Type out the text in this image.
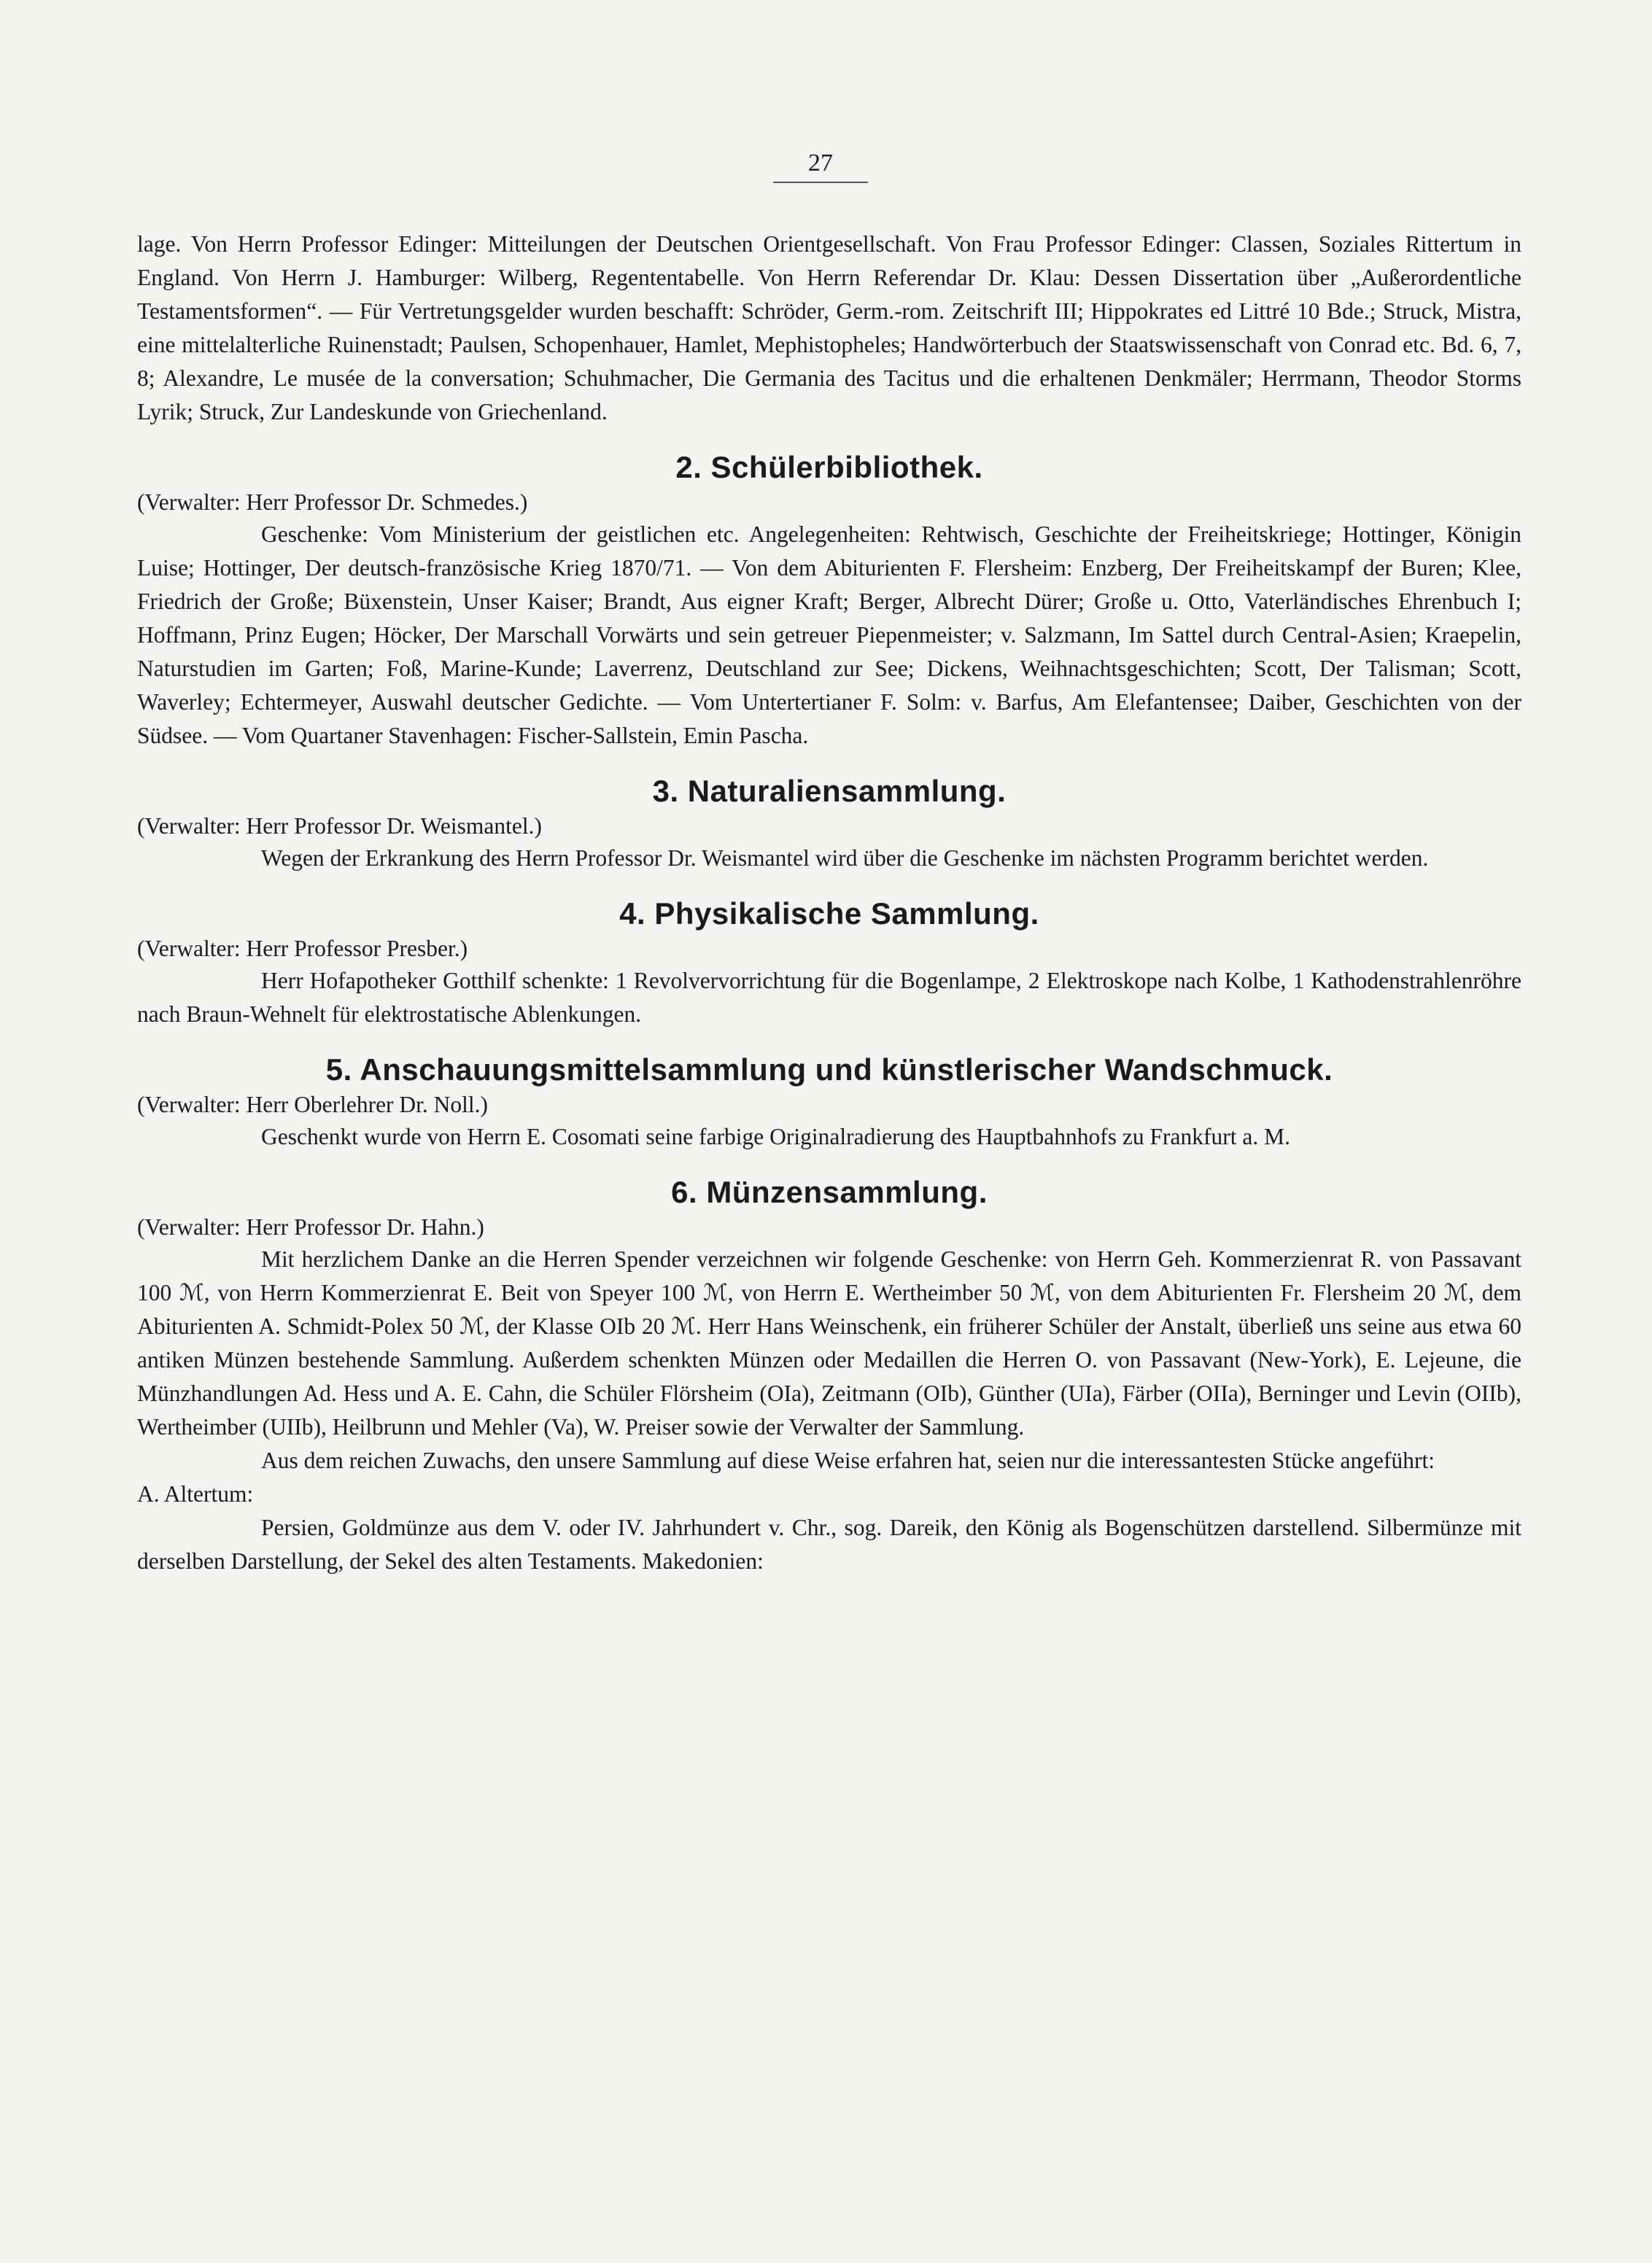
27

lage. Von Herrn Professor Edinger: Mitteilungen der Deutschen Orientgesellschaft. Von Frau Professor Edinger: Classen, Soziales Rittertum in England. Von Herrn J. Hamburger: Wilberg, Regententabelle. Von Herrn Referendar Dr. Klau: Dessen Dissertation über „Außerordentliche Testamentsformen“. — Für Vertretungsgelder wurden beschafft: Schröder, Germ.-rom. Zeitschrift III; Hippokrates ed Littré 10 Bde.; Struck, Mistra, eine mittelalterliche Ruinenstadt; Paulsen, Schopenhauer, Hamlet, Mephistopheles; Handwörterbuch der Staatswissenschaft von Conrad etc. Bd. 6, 7, 8; Alexandre, Le musée de la conversation; Schuhmacher, Die Germania des Tacitus und die erhaltenen Denkmäler; Herrmann, Theodor Storms Lyrik; Struck, Zur Landeskunde von Griechenland.

2. Schülerbibliothek.

(Verwalter: Herr Professor Dr. Schmedes.)

Geschenke: Vom Ministerium der geistlichen etc. Angelegenheiten: Rehtwisch, Geschichte der Freiheitskriege; Hottinger, Königin Luise; Hottinger, Der deutsch-französische Krieg 1870/71. — Von dem Abiturienten F. Flersheim: Enzberg, Der Freiheitskampf der Buren; Klee, Friedrich der Große; Büxenstein, Unser Kaiser; Brandt, Aus eigner Kraft; Berger, Albrecht Dürer; Große u. Otto, Vaterländisches Ehrenbuch I; Hoffmann, Prinz Eugen; Höcker, Der Marschall Vorwärts und sein getreuer Piepenmeister; v. Salzmann, Im Sattel durch Central-Asien; Kraepelin, Naturstudien im Garten; Foß, Marine-Kunde; Laverrenz, Deutschland zur See; Dickens, Weihnachtsgeschichten; Scott, Der Talisman; Scott, Waverley; Echtermeyer, Auswahl deutscher Gedichte. — Vom Untertertianer F. Solm: v. Barfus, Am Elefantensee; Daiber, Geschichten von der Südsee. — Vom Quartaner Stavenhagen: Fischer-Sallstein, Emin Pascha.

3. Naturaliensammlung.

(Verwalter: Herr Professor Dr. Weismantel.)

Wegen der Erkrankung des Herrn Professor Dr. Weismantel wird über die Geschenke im nächsten Programm berichtet werden.

4. Physikalische Sammlung.

(Verwalter: Herr Professor Presber.)

Herr Hofapotheker Gotthilf schenkte: 1 Revolvervorrichtung für die Bogenlampe, 2 Elektroskope nach Kolbe, 1 Kathodenstrahlenröhre nach Braun-Wehnelt für elektrostatische Ablenkungen.

5. Anschauungsmittelsammlung und künstlerischer Wandschmuck.

(Verwalter: Herr Oberlehrer Dr. Noll.)

Geschenkt wurde von Herrn E. Cosomati seine farbige Originalradierung des Hauptbahnhofs zu Frankfurt a. M.

6. Münzensammlung.

(Verwalter: Herr Professor Dr. Hahn.)

Mit herzlichem Danke an die Herren Spender verzeichnen wir folgende Geschenke: von Herrn Geh. Kommerzienrat R. von Passavant 100 ℳ, von Herrn Kommerzienrat E. Beit von Speyer 100 ℳ, von Herrn E. Wertheimber 50 ℳ, von dem Abiturienten Fr. Flersheim 20 ℳ, dem Abiturienten A. Schmidt-Polex 50 ℳ, der Klasse OIb 20 ℳ. Herr Hans Weinschenk, ein früherer Schüler der Anstalt, überließ uns seine aus etwa 60 antiken Münzen bestehende Sammlung. Außerdem schenkten Münzen oder Medaillen die Herren O. von Passavant (New-York), E. Lejeune, die Münzhandlungen Ad. Hess und A. E. Cahn, die Schüler Flörsheim (OIa), Zeitmann (OIb), Günther (UIa), Färber (OIIa), Berninger und Levin (OIIb), Wertheimber (UIIb), Heilbrunn und Mehler (Va), W. Preiser sowie der Verwalter der Sammlung.

Aus dem reichen Zuwachs, den unsere Sammlung auf diese Weise erfahren hat, seien nur die interessantesten Stücke angeführt:

A. Altertum:

Persien, Goldmünze aus dem V. oder IV. Jahrhundert v. Chr., sog. Dareik, den König als Bogenschützen darstellend. Silbermünze mit derselben Darstellung, der Sekel des alten Testaments. Makedonien:
